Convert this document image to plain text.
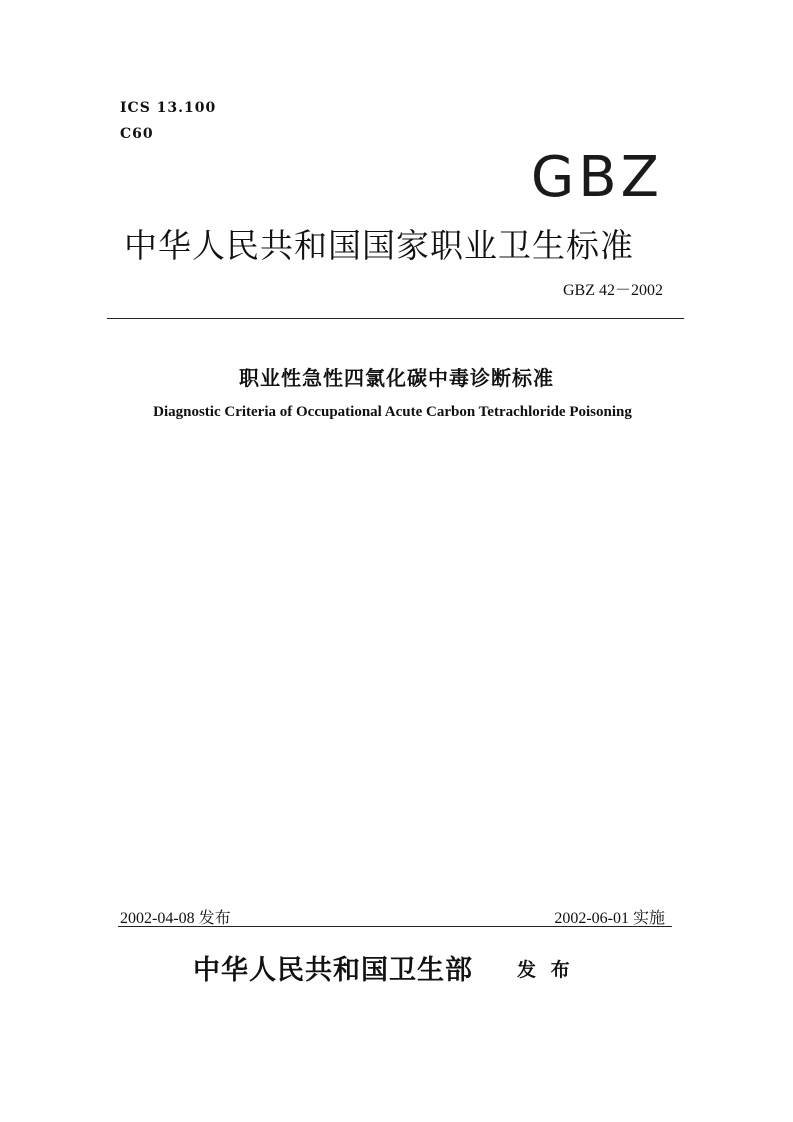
ICS 13.100
C60
GBZ
中华人民共和国国家职业卫生标准
GBZ 42－2002
职业性急性四氯化碳中毒诊断标准
Diagnostic Criteria of Occupational Acute Carbon Tetrachloride Poisoning
2002-04-08 发布	2002-06-01 实施
中华人民共和国卫生部 发 布
